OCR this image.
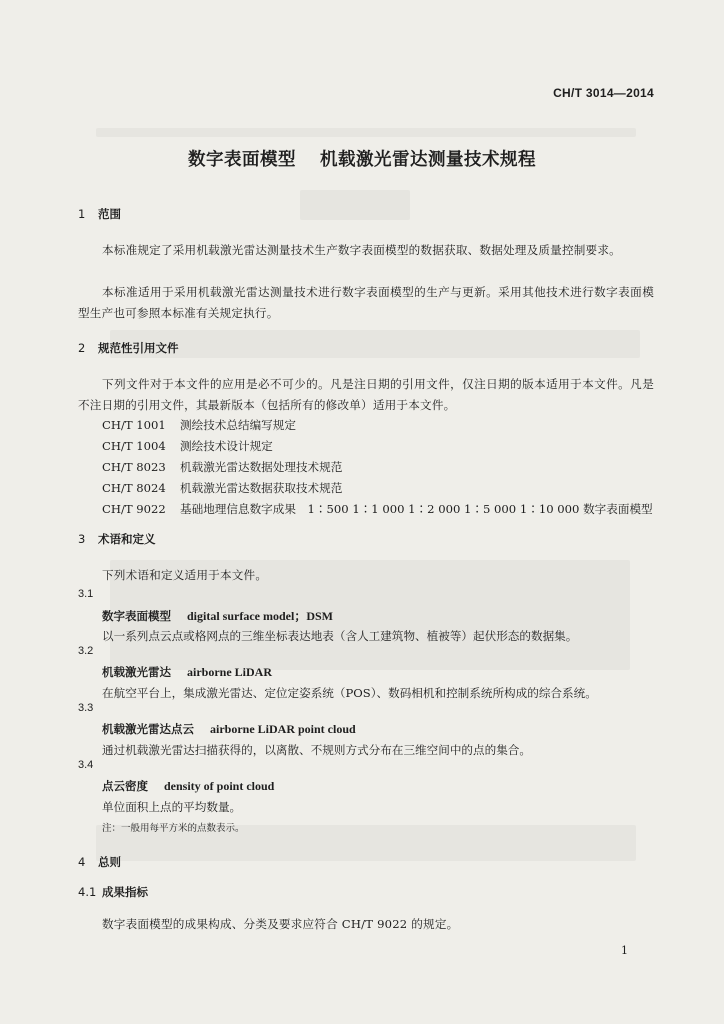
CH/T 3014—2014
数字表面模型 机载激光雷达测量技术规程
1 范围
本标准规定了采用机载激光雷达测量技术生产数字表面模型的数据获取、数据处理及质量控制要求。
本标准适用于采用机载激光雷达测量技术进行数字表面模型的生产与更新。采用其他技术进行数字表面模型生产也可参照本标准有关规定执行。
2 规范性引用文件
下列文件对于本文件的应用是必不可少的。凡是注日期的引用文件，仅注日期的版本适用于本文件。凡是不注日期的引用文件，其最新版本（包括所有的修改单）适用于本文件。
CH/T 1001 测绘技术总结编写规定
CH/T 1004 测绘技术设计规定
CH/T 8023 机载激光雷达数据处理技术规范
CH/T 8024 机载激光雷达数据获取技术规范
CH/T 9022 基础地理信息数字成果　1∶500 1∶1 000 1∶2 000 1∶5 000 1∶10 000 数字表面模型
3 术语和定义
下列术语和定义适用于本文件。
3.1
数字表面模型 digital surface model；DSM
以一系列点云点或格网点的三维坐标表达地表（含人工建筑物、植被等）起伏形态的数据集。
3.2
机载激光雷达 airborne LiDAR
在航空平台上，集成激光雷达、定位定姿系统（POS）、数码相机和控制系统所构成的综合系统。
3.3
机载激光雷达点云 airborne LiDAR point cloud
通过机载激光雷达扫描获得的，以离散、不规则方式分布在三维空间中的点的集合。
3.4
点云密度 density of point cloud
单位面积上点的平均数量。
注：一般用每平方米的点数表示。
4 总则
4.1 成果指标
数字表面模型的成果构成、分类及要求应符合 CH/T 9022 的规定。
1
